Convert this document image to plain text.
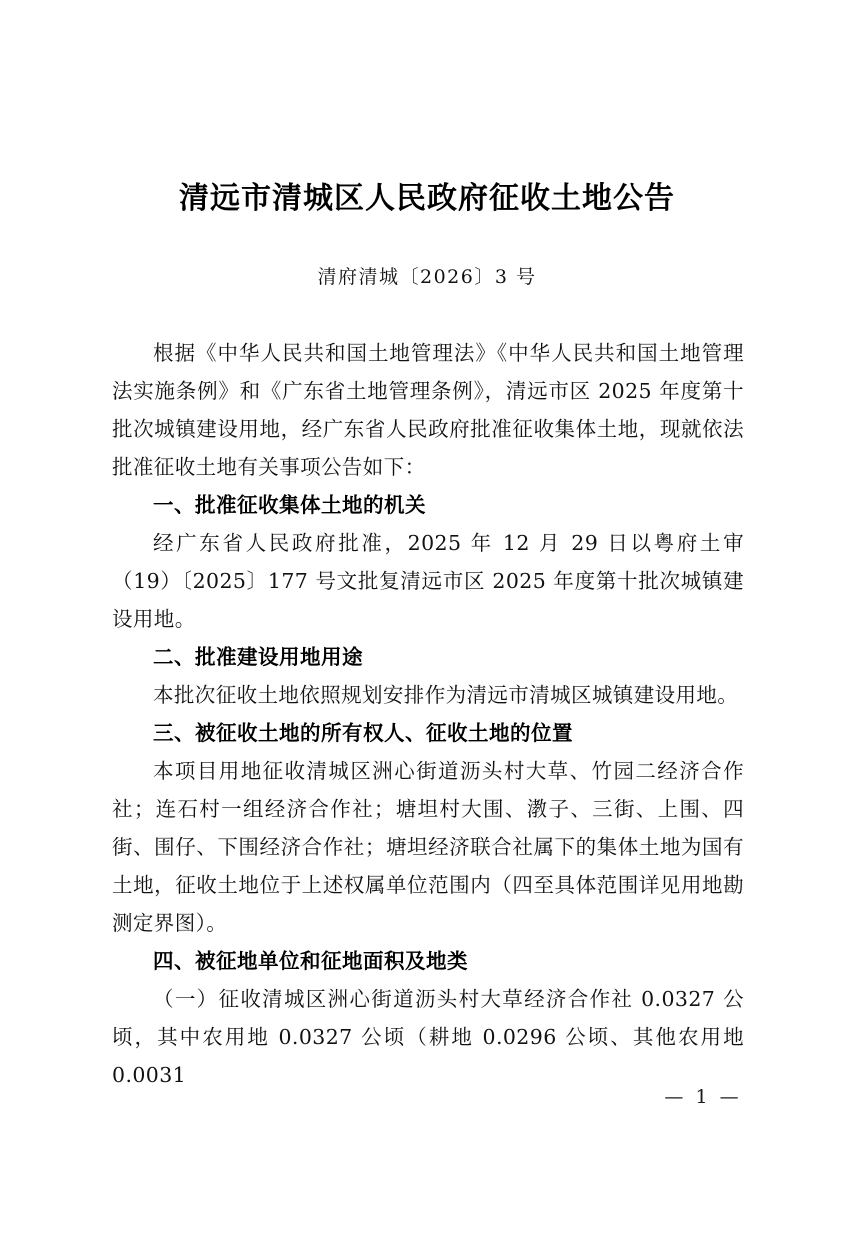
清远市清城区人民政府征收土地公告
清府清城〔2026〕3 号

根据《中华人民共和国土地管理法》《中华人民共和国土地管理法实施条例》和《广东省土地管理条例》，清远市区 2025 年度第十批次城镇建设用地，经广东省人民政府批准征收集体土地，现就依法批准征收土地有关事项公告如下：

一、批准征收集体土地的机关

经广东省人民政府批准，2025 年 12 月 29 日以粤府土审（19）〔2025〕177 号文批复清远市区 2025 年度第十批次城镇建设用地。

二、批准建设用地用途

本批次征收土地依照规划安排作为清远市清城区城镇建设用地。

三、被征收土地的所有权人、征收土地的位置

本项目用地征收清城区洲心街道沥头村大草、竹园二经济合作社；连石村一组经济合作社；塘坦村大围、漖子、三街、上围、四街、围仔、下围经济合作社；塘坦经济联合社属下的集体土地为国有土地，征收土地位于上述权属单位范围内（四至具体范围详见用地勘测定界图）。

四、被征地单位和征地面积及地类

（一）征收清城区洲心街道沥头村大草经济合作社 0.0327 公顷，其中农用地 0.0327 公顷（耕地 0.0296 公顷、其他农用地 0.0031

— 1 —
